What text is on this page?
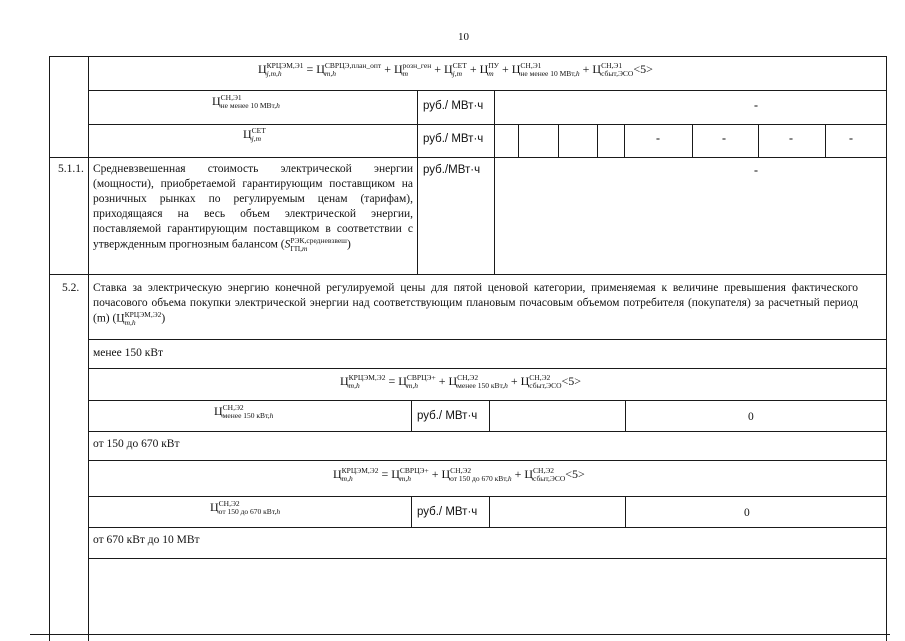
10
Ц КРЦЭМ,Э1
j,m,h	= Ц СВРЦЭ,план_опт
m,h	+ Ц розн_ген
m	+ Ц СЕТ
j,m + Ц ПУ
m + Ц СН,Э1
не менее 10 МВт,h + Ц СН,Э1
сбыт,ЭСО <5>
Ц СН,Э1
не менее 10 МВт,h	руб./ МВт·ч	-
Ц СЕТ
j,m	руб./ МВт·ч	-	-	-	-
5.1.1. Средневзвешенная стоимость электрической энергии (мощности), приобретаемой гарантирующим поставщиком на розничных рынках по регулируемым ценам (тарифам), приходящаяся на весь объем электрической энергии, поставляемой гарантирующим поставщиком в соответствии с утвержденным прогнозным балансом (S РЭК,средневзвеш
ГП,m	)
руб./МВт·ч	-
5.2. Ставка за электрическую энергию конечной регулируемой цены для пятой ценовой категории, применяемая к величине превышения фактического почасового объема покупки электрической энергии над соответствующим плановым почасовым объемом потребителя (покупателя) за расчетный период (m) (Ц КРЦЭМ,Э2
m,h	)
менее 150 кВт
Ц КРЦЭМ,Э2
m,h	= Ц СВРЦЭ+
m,h	+ Ц СН,Э2
менее 150 кВт,h + Ц СН,Э2
сбыт,ЭСО <5>
Ц СН,Э2
менее 150 кВт,h	руб./ МВт·ч	0
от 150 до 670 кВт
Ц КРЦЭМ,Э2
m,h	= Ц СВРЦЭ+
m,h	+ Ц СН,Э2
от 150 до 670 кВт,h + Ц СН,Э2
сбыт,ЭСО <5>
Ц СН,Э2
от 150 до 670 кВт,h	руб./ МВт·ч	0
от 670 кВт до 10 МВт
